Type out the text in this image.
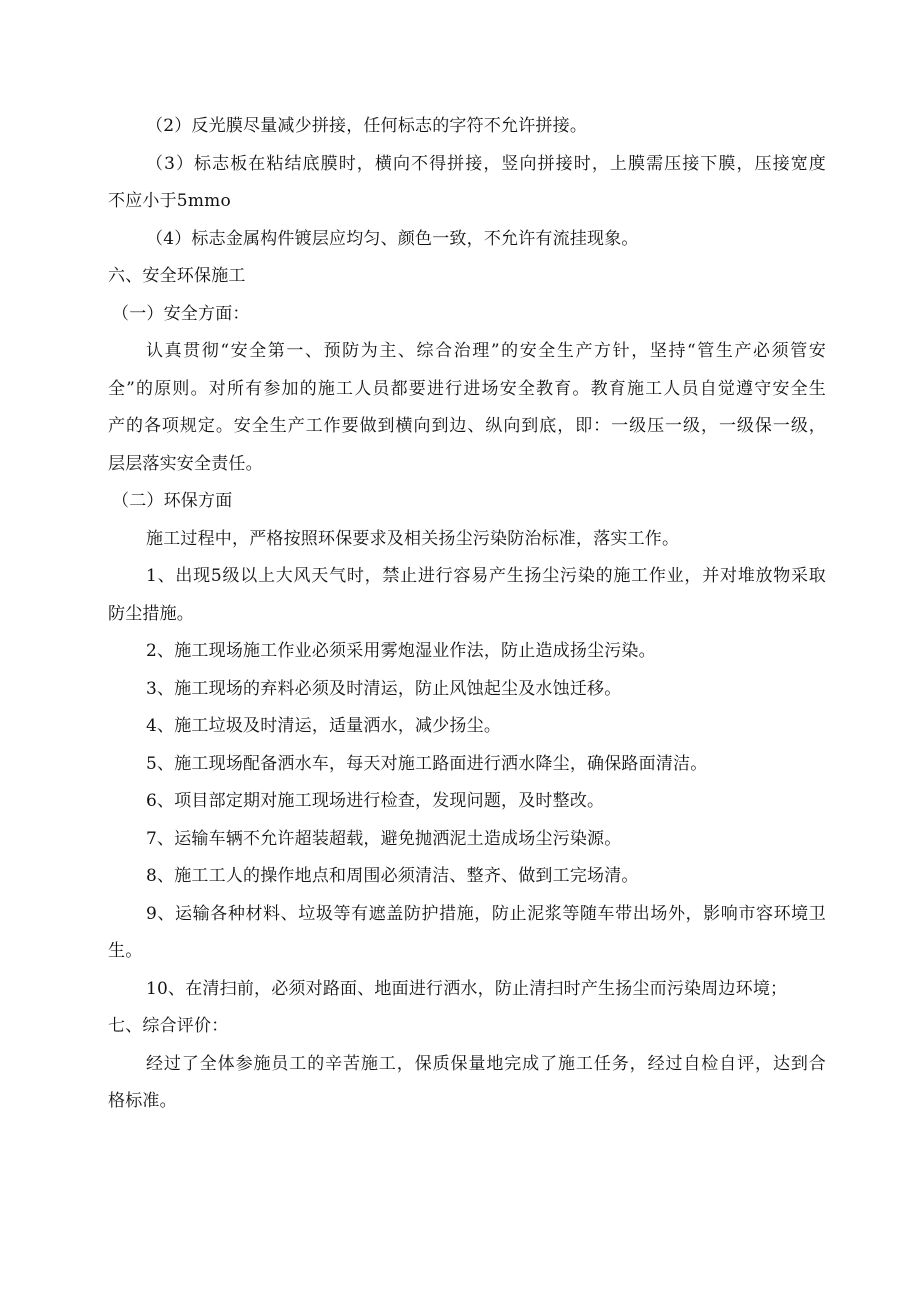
（2）反光膜尽量减少拼接，任何标志的字符不允许拼接。
（3）标志板在粘结底膜时，横向不得拼接，竖向拼接时，上膜需压接下膜，压接宽度
不应小于5mmo
（4）标志金属构件镀层应均匀、颜色一致，不允许有流挂现象。
六、安全环保施工
（一）安全方面：
认真贯彻“安全第一、预防为主、综合治理”的安全生产方针，坚持“管生产必须管安
全”的原则。对所有参加的施工人员都要进行进场安全教育。教育施工人员自觉遵守安全生
产的各项规定。安全生产工作要做到横向到边、纵向到底，即：一级压一级，一级保一级，
层层落实安全责任。
（二）环保方面
施工过程中，严格按照环保要求及相关扬尘污染防治标准，落实工作。
1、出现5级以上大风天气时，禁止进行容易产生扬尘污染的施工作业，并对堆放物采取
防尘措施。
2、施工现场施工作业必须采用雾炮湿业作法，防止造成扬尘污染。
3、施工现场的弃料必须及时清运，防止风蚀起尘及水蚀迁移。
4、施工垃圾及时清运，适量洒水，减少扬尘。
5、施工现场配备洒水车，每天对施工路面进行洒水降尘，确保路面清洁。
6、项目部定期对施工现场进行检查，发现问题，及时整改。
7、运输车辆不允许超装超载，避免抛洒泥土造成场尘污染源。
8、施工工人的操作地点和周围必须清洁、整齐、做到工完场清。
9、运输各种材料、垃圾等有遮盖防护措施，防止泥浆等随车带出场外，影响市容环境卫
生。
10、在清扫前，必须对路面、地面进行洒水，防止清扫时产生扬尘而污染周边环境；
七、综合评价：
经过了全体参施员工的辛苦施工，保质保量地完成了施工任务，经过自检自评，达到合
格标准。
